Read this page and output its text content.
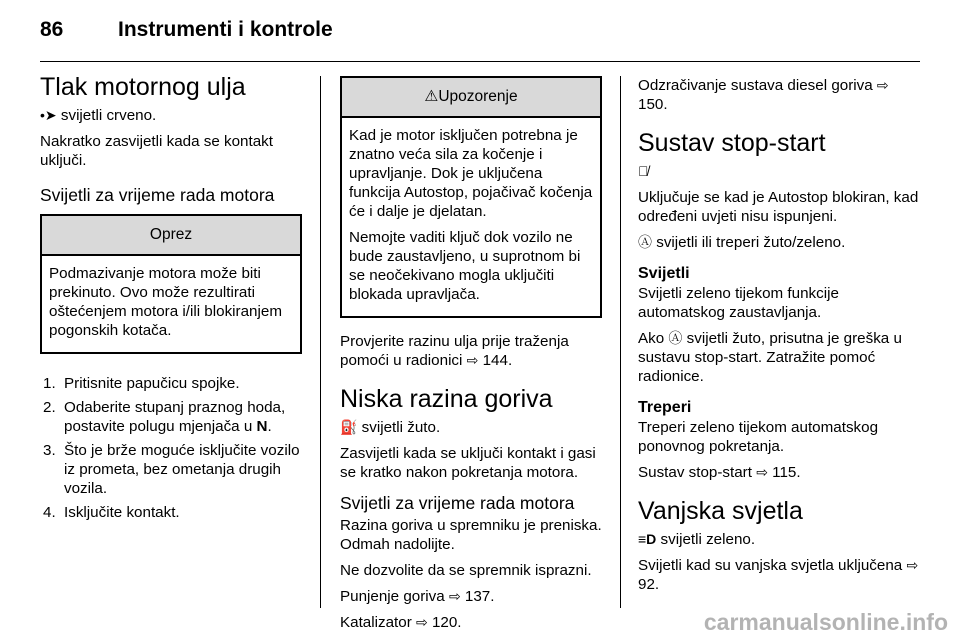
86	Instrumenti i kontrole
Tlak motornog ulja

•➤ svijetli crveno.

Nakratko zasvijetli kada se kontakt uključi.

Svijetli za vrijeme rada motora
Oprez

Podmazivanje motora može biti prekinuto. Ovo može rezultirati oštećenjem motora i/ili blokiranjem pogonskih kotača.

1. Pritisnite papučicu spojke.
2. Odaberite stupanj praznog hoda, postavite polugu mjenjača u N.
3. Što je brže moguće isključite vozilo iz prometa, bez ometanja drugih vozila.
4. Isključite kontakt.
⚠Upozorenje

Kad je motor isključen potrebna je znatno veća sila za kočenje i upravljanje. Dok je uključena funkcija Autostop, pojačivač kočenja će i dalje je djelatan.

Nemojte vaditi ključ dok vozilo ne bude zaustavljeno, u suprotnom bi se neočekivano mogla uključiti blokada upravljača.

Provjerite razinu ulja prije traženja pomoći u radionici ⇨ 144.

Niska razina goriva

⛽ svijetli žuto.

Zasvijetli kada se uključi kontakt i gasi se kratko nakon pokretanja motora.

Svijetli za vrijeme rada motora

Razina goriva u spremniku je preniska. Odmah nadolijte.

Ne dozvolite da se spremnik isprazni.

Punjenje goriva ⇨ 137.

Katalizator ⇨ 120.

Odzračivanje sustava diesel goriva ⇨ 150.

Sustav stop-start

Ⓐ̸

Uključuje se kad je Autostop blokiran, kad određeni uvjeti nisu ispunjeni.

Ⓐ svijetli ili treperi žuto/zeleno.

Svijetli

Svijetli zeleno tijekom funkcije automatskog zaustavljanja.

Ako Ⓐ svijetli žuto, prisutna je greška u sustavu stop-start. Zatražite pomoć radionice.

Treperi

Treperi zeleno tijekom automatskog ponovnog pokretanja.

Sustav stop-start ⇨ 115.

Vanjska svjetla

≡D svijetli zeleno.

Svijetli kad su vanjska svjetla uključena ⇨ 92.

carmanualsonline.info
